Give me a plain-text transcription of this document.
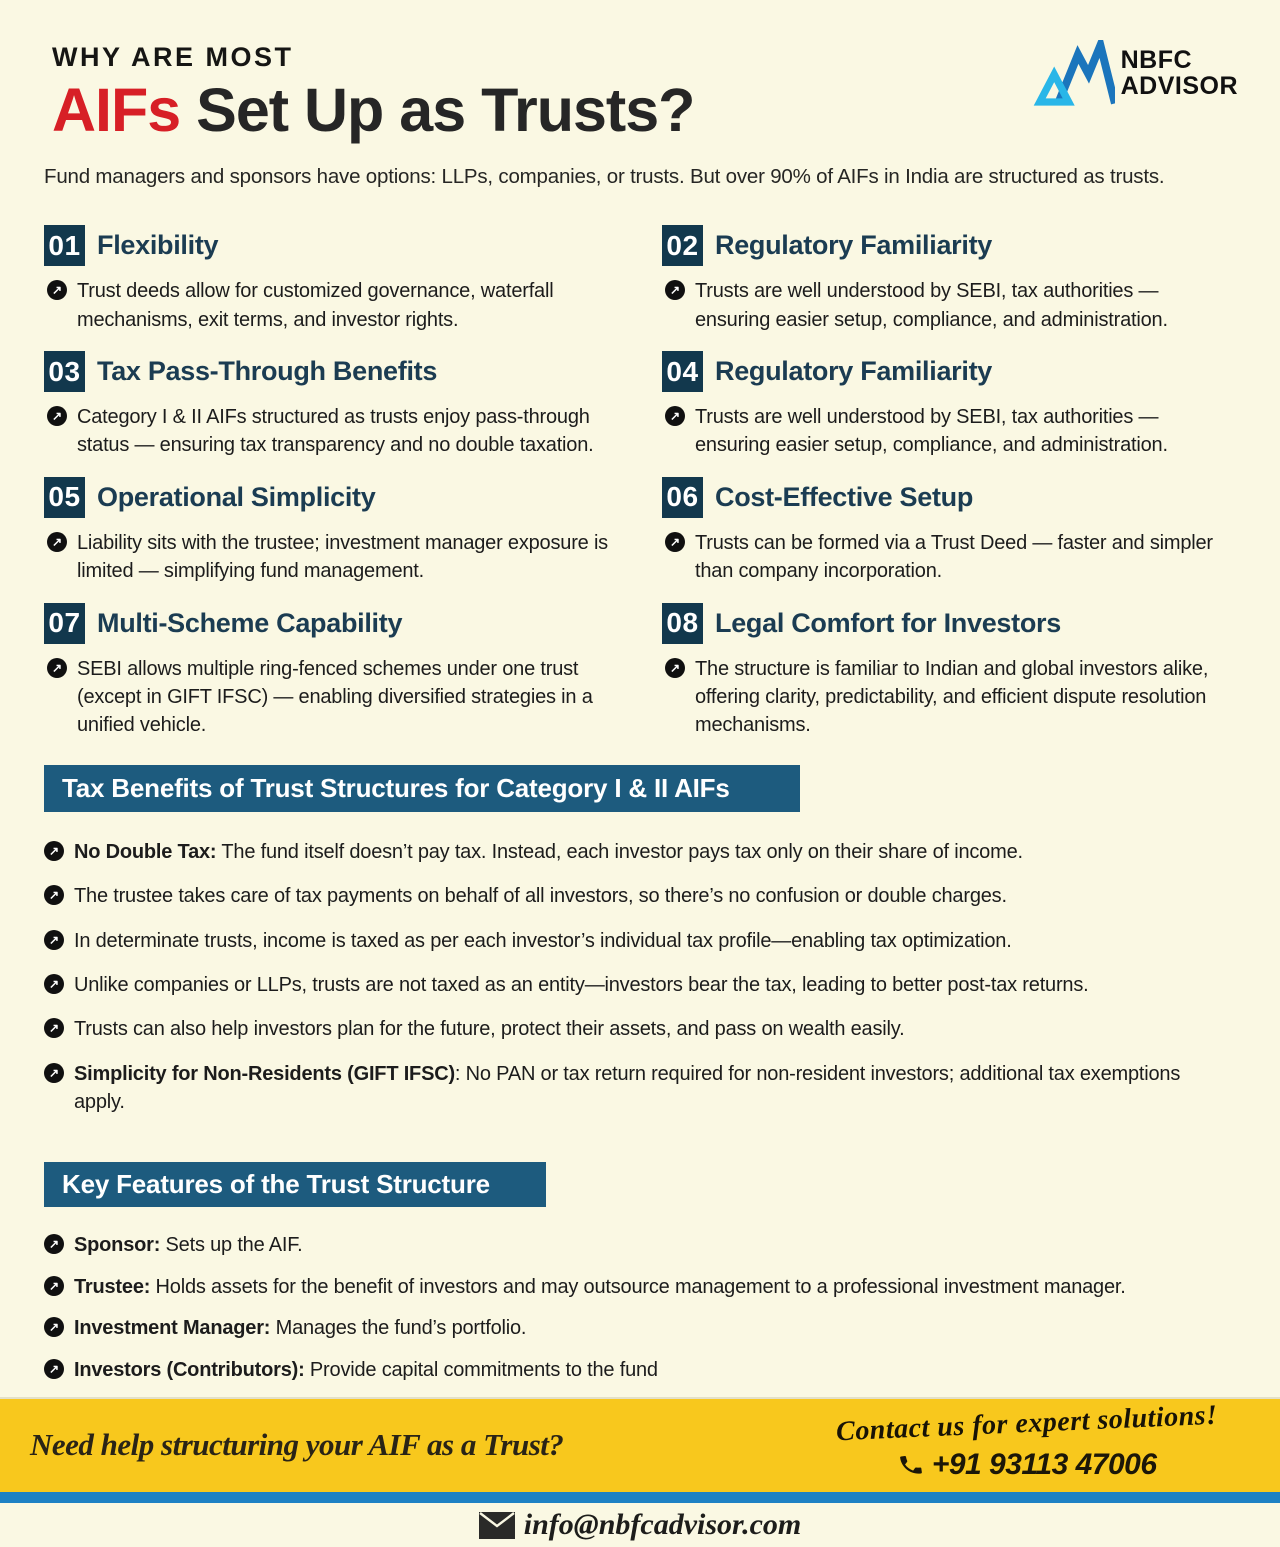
WHY ARE MOST
AIFs Set Up as Trusts?
Fund managers and sponsors have options: LLPs, companies, or trusts. But over 90% of AIFs in India are structured as trusts.
NBFC
ADVISOR
01 Flexibility
↗

Trust deeds allow for customized governance, waterfall mechanisms, exit terms, and investor rights.

02 Regulatory Familiarity
↗

Trusts are well understood by SEBI, tax authorities — ensuring easier setup, compliance, and administration.

03 Tax Pass-Through Benefits
↗

Category I & II AIFs structured as trusts enjoy pass-through status — ensuring tax transparency and no double taxation.

04 Regulatory Familiarity
↗

Trusts are well understood by SEBI, tax authorities — ensuring easier setup, compliance, and administration.

05 Operational Simplicity
↗

Liability sits with the trustee; investment manager exposure is limited — simplifying fund management.

06 Cost-Effective Setup
↗

Trusts can be formed via a Trust Deed — faster and simpler than company incorporation.

07 Multi-Scheme Capability
↗

SEBI allows multiple ring-fenced schemes under one trust (except in GIFT IFSC) — enabling diversified strategies in a unified vehicle.

08 Legal Comfort for Investors
↗

The structure is familiar to Indian and global investors alike, offering clarity, predictability, and efficient dispute resolution mechanisms.

Tax Benefits of Trust Structures for Category I & II AIFs
↗

No Double Tax: The fund itself doesn’t pay tax. Instead, each investor pays tax only on their share of income.

↗

The trustee takes care of tax payments on behalf of all investors, so there’s no confusion or double charges.

↗

In determinate trusts, income is taxed as per each investor’s individual tax profile—enabling tax optimization.

↗

Unlike companies or LLPs, trusts are not taxed as an entity—investors bear the tax, leading to better post-tax returns.

↗

Trusts can also help investors plan for the future, protect their assets, and pass on wealth easily.

↗

Simplicity for Non-Residents (GIFT IFSC): No PAN or tax return required for non-resident investors; additional tax exemptions apply.

Key Features of the Trust Structure
↗

Sponsor: Sets up the AIF.

↗

Trustee: Holds assets for the benefit of investors and may outsource management to a professional investment manager.

↗

Investment Manager: Manages the fund’s portfolio.

↗

Investors (Contributors): Provide capital commitments to the fund

Need help structuring your AIF as a Trust?	Contact us for expert solutions!
+91 93113 47006
info@nbfcadvisor.com
